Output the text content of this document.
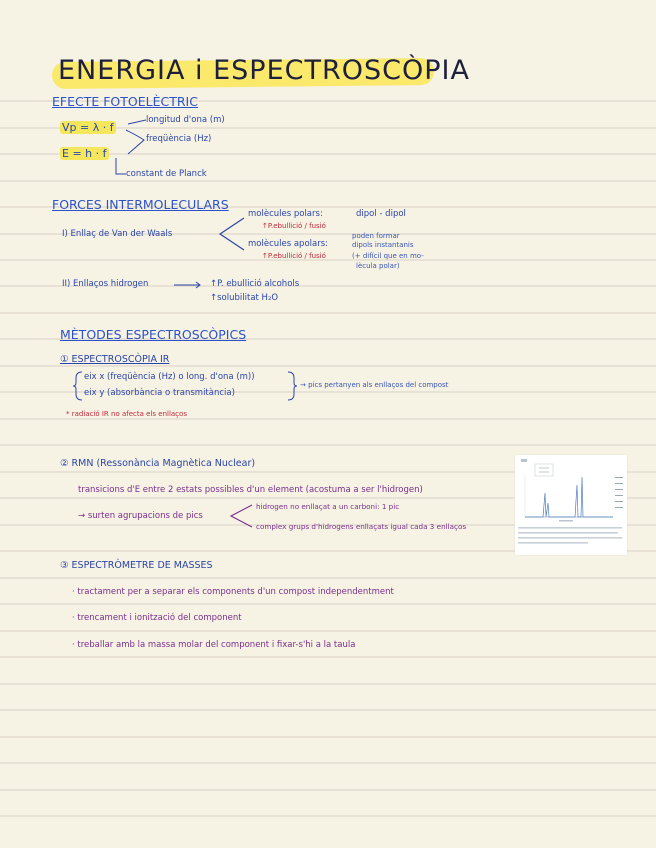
ENERGIA i ESPECTROSCÒPIA
EFECTE FOTOELÈCTRIC
Vp = λ · f
E = h · f
longitud d'ona (m)
freqüència (Hz)
constant de Planck
FORCES INTERMOLECULARS
I) Enllaç de Van der Waals
molècules polars:	dipol - dipol
↑P.ebullició / fusió
molècules apolars:
↑P.ebullició / fusió
poden formar
dipols instantanis
(+ difícil que en mo-
lècula polar)
II) Enllaços hidrogen	↑P. ebullició alcohols
↑solubilitat H₂O
MÈTODES ESPECTROSCÒPICS
① ESPECTROSCÒPIA IR
eix x (freqüència (Hz) o long. d'ona (m))
eix y (absorbància o transmitància)
→ pics pertanyen als enllaços del compost
* radiació IR no afecta els enllaços
② RMN (Ressonància Magnètica Nuclear)
transicions d'E entre 2 estats possibles d'un element (acostuma a ser l'hidrogen)
→ surten agrupacions de pics
hidrogen no enllaçat a un carboni: 1 pic
complex grups d'hidrogens enllaçats igual cada 3 enllaços
③ ESPECTRÒMETRE DE MASSES
· tractament per a separar els components d'un compost independentment
· trencament i ionització del component
· treballar amb la massa molar del component i fixar-s'hi a la taula
